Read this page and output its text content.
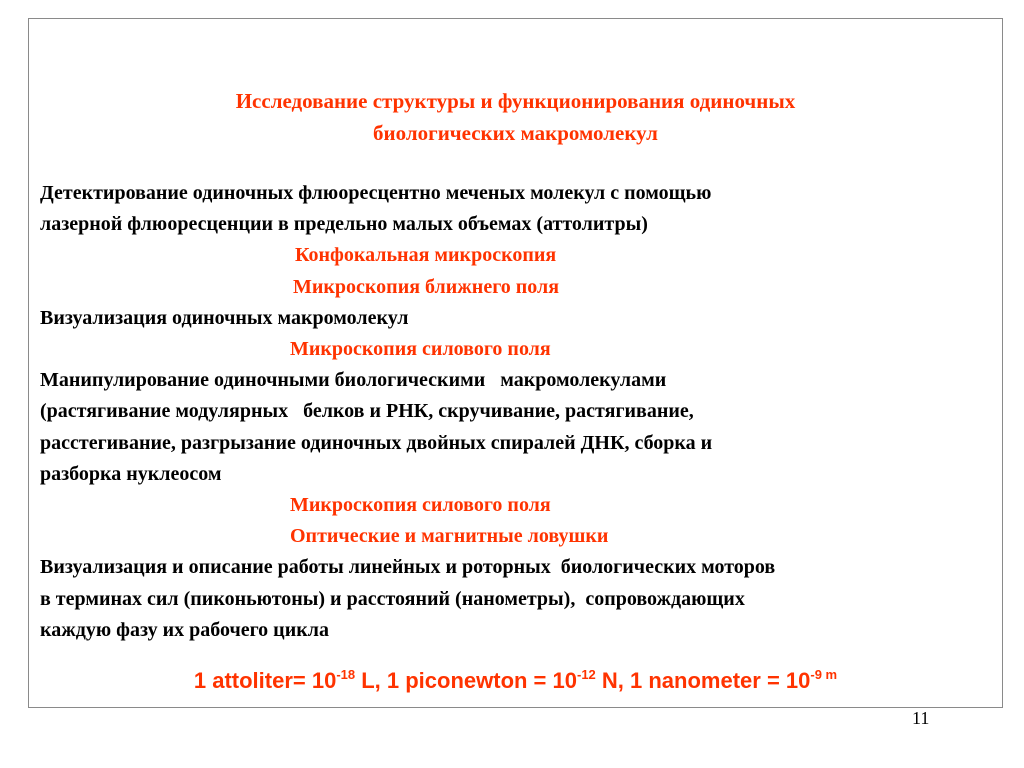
Исследование структуры и функционирования одиночных
биологических макромолекул
Детектирование одиночных флюоресцентно меченых молекул с помощью
лазерной флюоресценции в предельно малых объемах (аттолитры)
Конфокальная микроскопия
Микроскопия ближнего поля
Визуализация одиночных макромолекул
Микроскопия силового поля
Манипулирование одиночными биологическими   макромолекулами
(растягивание модулярных   белков и РНК, скручивание, растягивание,
расстегивание, разгрызание одиночных двойных спиралей ДНК, сборка и
разборка нуклеосом
Микроскопия силового поля
Оптические и магнитные ловушки
Визуализация и описание работы линейных и роторных  биологических моторов
в терминах сил (пиконьютоны) и расстояний (нанометры),  сопровождающих
каждую фазу их рабочего цикла
1 attoliter= $10^{-18}$ L, 1 piconewton = $10^{-12}$ N, 1 nanometer = $10^{-9 m}$
11
